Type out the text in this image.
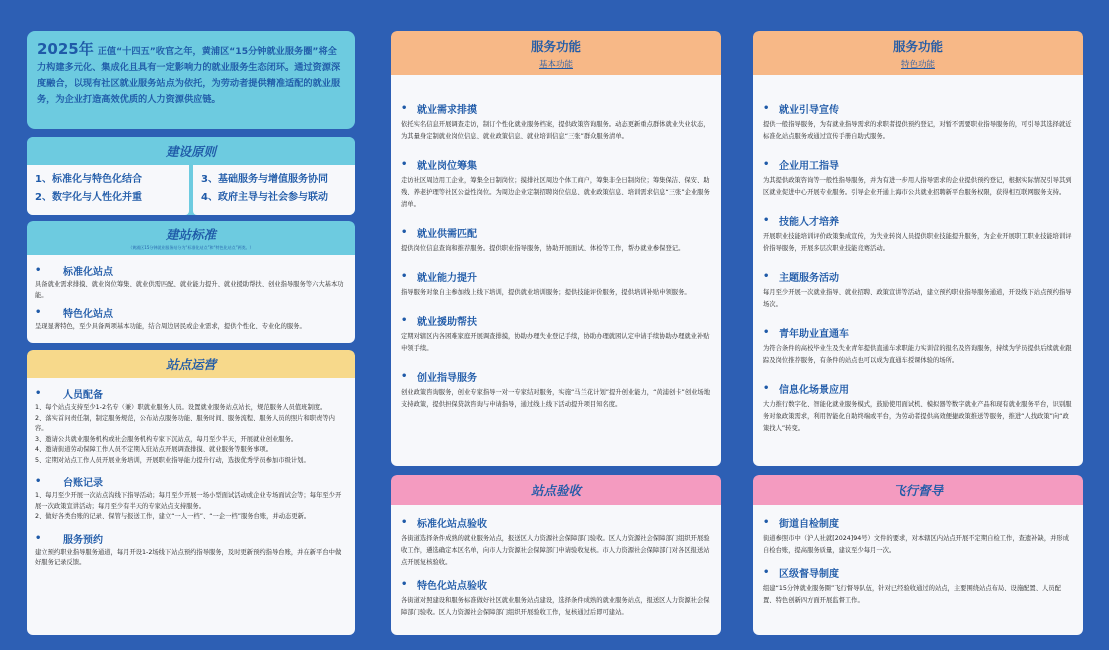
2025年 正值“十四五”收官之年，黄浦区“15分钟就业服务圈”将全力构建多元化、集成化且具有一定影响力的就业服务生态闭环。通过资源深度融合，以现有社区就业服务站点为依托，为劳动者提供精准适配的就业服务，为企业打造高效优质的人力资源供应链。
建设原则
1、标准化与特色化结合
2、数字化与人性化并重
3、基础服务与增值服务协同
4、政府主导与社会参与联动
建站标准
（黄浦区15分钟就业服务站分为“标准化站点”和“特色化站点”两类。）
•	标准化站点
具备就业需求排摸、就业岗位筹集、就业供需匹配、就业能力提升、就业援助帮扶、创业指导服务等六大基本功能。
•	特色化站点
呈现显著特色，至少具备两项基本功能，结合周边居民或企业需求，提供个性化、专业化的服务。
站点运营
•	人员配备
1、每个站点支持至少1-2名专（兼）职就业服务人员。设置就业服务站点站长，规范服务人员值班制度。
2、落实首问责任制，制定服务规范，公布站点服务功能、服务时间、服务流程、服务人员的照片和职责等内容。
3、邀请公共就业服务机构或社会服务机构专家下沉站点，每月至少半天，开展就业创业服务。
4、邀请街道劳动保障工作人员不定期入驻站点开展调查排摸、就业服务等服务事项。
5、定期对站点工作人员开展业务培训，开展职业指导能力提升行动，选拔优秀学员参加市级计划。
•	台账记录
1、每月至少开展一次站点沟线下指导活动；每月至少开展一场小型面试活动或企业专场面试会等；每年至少开展一次政策宣讲活动；每月至少有半天的专家站点支持服务。
2、做好各类台账的记录、保管与报送工作，建立“一人一档”、“一企一档”服务台账，并动态更新。
•	服务预约
建立预约职业指导服务通道，每月开设1-2场线下站点预约指导服务，及时更新预约指导台账，并在新平台中做好服务记录反馈。
服务功能
基本功能
• 就业需求排摸
依托实名信息开展调查走访，制订个性化就业服务档案，提供政策咨询服务。动态更新重点群体就业失业状态，为其量身定制就业岗位信息、就业政策信息、就业培训信息“三张”群众服务清单。
• 就业岗位筹集
走访社区周边用工企业，筹集全日制岗位；摸排社区周边个体工商户，筹集非全日制岗位；筹集保洁、保安、助残、养老护理等社区公益性岗位。为周边企业定制招聘岗位信息、就业政策信息、培训需求信息“三张”企业服务清单。
• 就业供需匹配
提供岗位信息查询和推荐服务。提供职业指导服务，协助开展面试、体检等工作，帮办就业参保登记。
• 就业能力提升
指导服务对象自主参加线上线下培训，提供就业培训服务；提供技能评价服务，提供培训补贴申领服务。
• 就业援助帮扶
定期对辖区内各困难家庭开展调查排摸，协助办理失业登记手续，协助办理就困认定申请手续协助办理就业补贴申领手续。
• 创业指导服务
创业政策咨询服务，创业专家指导一对一专家结对服务，实施“马兰花计划”提升创业能力，“黄浦创卡”创业场地支持政策，提供担保贷款咨询与申请指导，通过线上线下活动提升项目知名度。
站点验收
• 标准化站点验收
各街道选择条件成熟的就业服务站点，报送区人力资源社会保障部门验收。区人力资源社会保障部门组织开展验收工作，遴选确定本区名单，向市人力资源社会保障部门申请验收复核。市人力资源社会保障部门对各区报送站点开展复核验收。
• 特色化站点验收
各街道对照建设和服务标准做好社区就业服务站点建设，选择条件成熟的就业服务站点，报送区人力资源社会保障部门验收。区人力资源社会保障部门组织开展验收工作，复核通过后即可建站。
服务功能
特色功能
• 就业引导宣传
提供一般指导服务，为有就业指导需求的求职者提供预约登记，对暂不需要职业指导服务的，可引导其选择就近标准化站点服务或通过宣传手册自助式服务。
• 企业用工指导
为其提供政策咨询等一般性指导服务，并为有进一步用人指导需求的企业提供预约登记，根据实际情况引导其到区就业促进中心开展专业服务。引导企业开通上海市公共就业招聘新平台服务权限，获得相互联网服务支持。
• 技能人才培养
开展职业技能培训评价政策集成宣传，为失业转岗人员提供职业技能提升服务，为企业开展职工职业技能培训评价指导服务，开展多层次职业技能竞赛活动。
• 主题服务活动
每月至少开展一次就业指导、就业招聘、政策宣讲等活动，建立预约职业指导服务通道，开设线下站点预约指导场次。
• 青年助业直通车
为符合条件的高校毕业生及失业青年提供直通车求职能力实训营的报名及咨询服务，持续为学员提供后续就业跟踪及岗位推荐服务，有条件的站点也可以成为直通车授课体验的场所。
• 信息化场景应用
大力推行数字化、智能化就业服务模式，鼓励使用面试机、模拟器等数字就业产品和现有就业服务平台，识别服务对象政策需求，利用智能化自助终端或平台，为劳动者提供高效便捷政策推送等服务，推进“人找政策”向“政策找人”转变。
飞行督导
• 街道自检制度
街道参照市中（沪人社就[2024]94号）文件的要求，对本辖区内站点开展不定期自检工作，查遗补缺，并形成自检台账，提高服务质量，建议至少每月一次。
• 区级督导制度
组建“15分钟就业服务圈”飞行督导队伍，针对已经验收通过的站点，主要围绕站点布局、设施配置、人员配置、特色创新四方面开展监督工作。
